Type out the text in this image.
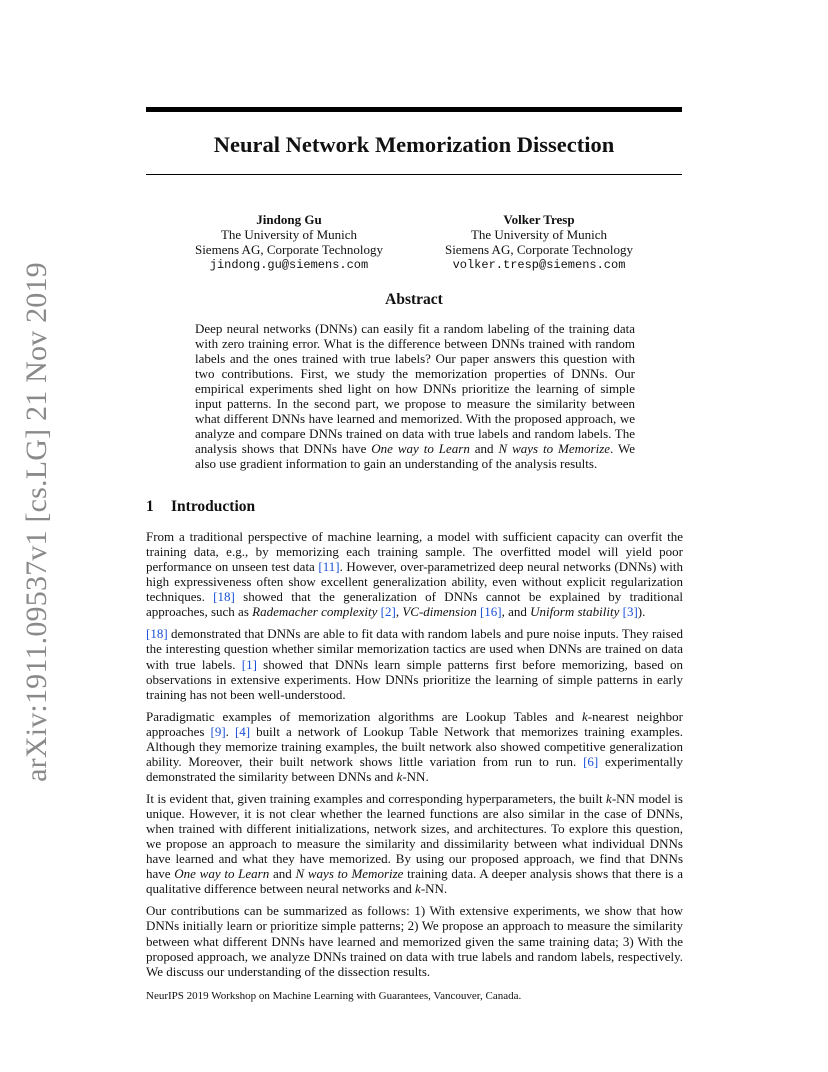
arXiv:1911.09537v1 [cs.LG] 21 Nov 2019
Neural Network Memorization Dissection
Jindong Gu
The University of Munich
Siemens AG, Corporate Technology
jindong.gu@siemens.com
Volker Tresp
The University of Munich
Siemens AG, Corporate Technology
volker.tresp@siemens.com
Abstract

Deep neural networks (DNNs) can easily fit a random labeling of the training data with zero training error. What is the difference between DNNs trained with random labels and the ones trained with true labels? Our paper answers this question with two contributions. First, we study the memorization properties of DNNs. Our empirical experiments shed light on how DNNs prioritize the learning of simple input patterns. In the second part, we propose to measure the similarity between what different DNNs have learned and memorized. With the proposed approach, we analyze and compare DNNs trained on data with true labels and random labels. The analysis shows that DNNs have One way to Learn and N ways to Memorize. We also use gradient information to gain an understanding of the analysis results.

1 Introduction

From a traditional perspective of machine learning, a model with sufficient capacity can overfit the training data, e.g., by memorizing each training sample. The overfitted model will yield poor performance on unseen test data [11]. However, over-parametrized deep neural networks (DNNs) with high expressiveness often show excellent generalization ability, even without explicit regularization techniques. [18] showed that the generalization of DNNs cannot be explained by traditional approaches, such as Rademacher complexity [2], VC-dimension [16], and Uniform stability [3]).

[18] demonstrated that DNNs are able to fit data with random labels and pure noise inputs. They raised the interesting question whether similar memorization tactics are used when DNNs are trained on data with true labels. [1] showed that DNNs learn simple patterns first before memorizing, based on observations in extensive experiments. How DNNs prioritize the learning of simple patterns in early training has not been well-understood.

Paradigmatic examples of memorization algorithms are Lookup Tables and k-nearest neighbor approaches [9]. [4] built a network of Lookup Table Network that memorizes training examples. Although they memorize training examples, the built network also showed competitive generalization ability. Moreover, their built network shows little variation from run to run. [6] experimentally demonstrated the similarity between DNNs and k-NN.

It is evident that, given training examples and corresponding hyperparameters, the built k-NN model is unique. However, it is not clear whether the learned functions are also similar in the case of DNNs, when trained with different initializations, network sizes, and architectures. To explore this question, we propose an approach to measure the similarity and dissimilarity between what individual DNNs have learned and what they have memorized. By using our proposed approach, we find that DNNs have One way to Learn and N ways to Memorize training data. A deeper analysis shows that there is a qualitative difference between neural networks and k-NN.

Our contributions can be summarized as follows: 1) With extensive experiments, we show that how DNNs initially learn or prioritize simple patterns; 2) We propose an approach to measure the similarity between what different DNNs have learned and memorized given the same training data; 3) With the proposed approach, we analyze DNNs trained on data with true labels and random labels, respectively. We discuss our understanding of the dissection results.

NeurIPS 2019 Workshop on Machine Learning with Guarantees, Vancouver, Canada.
